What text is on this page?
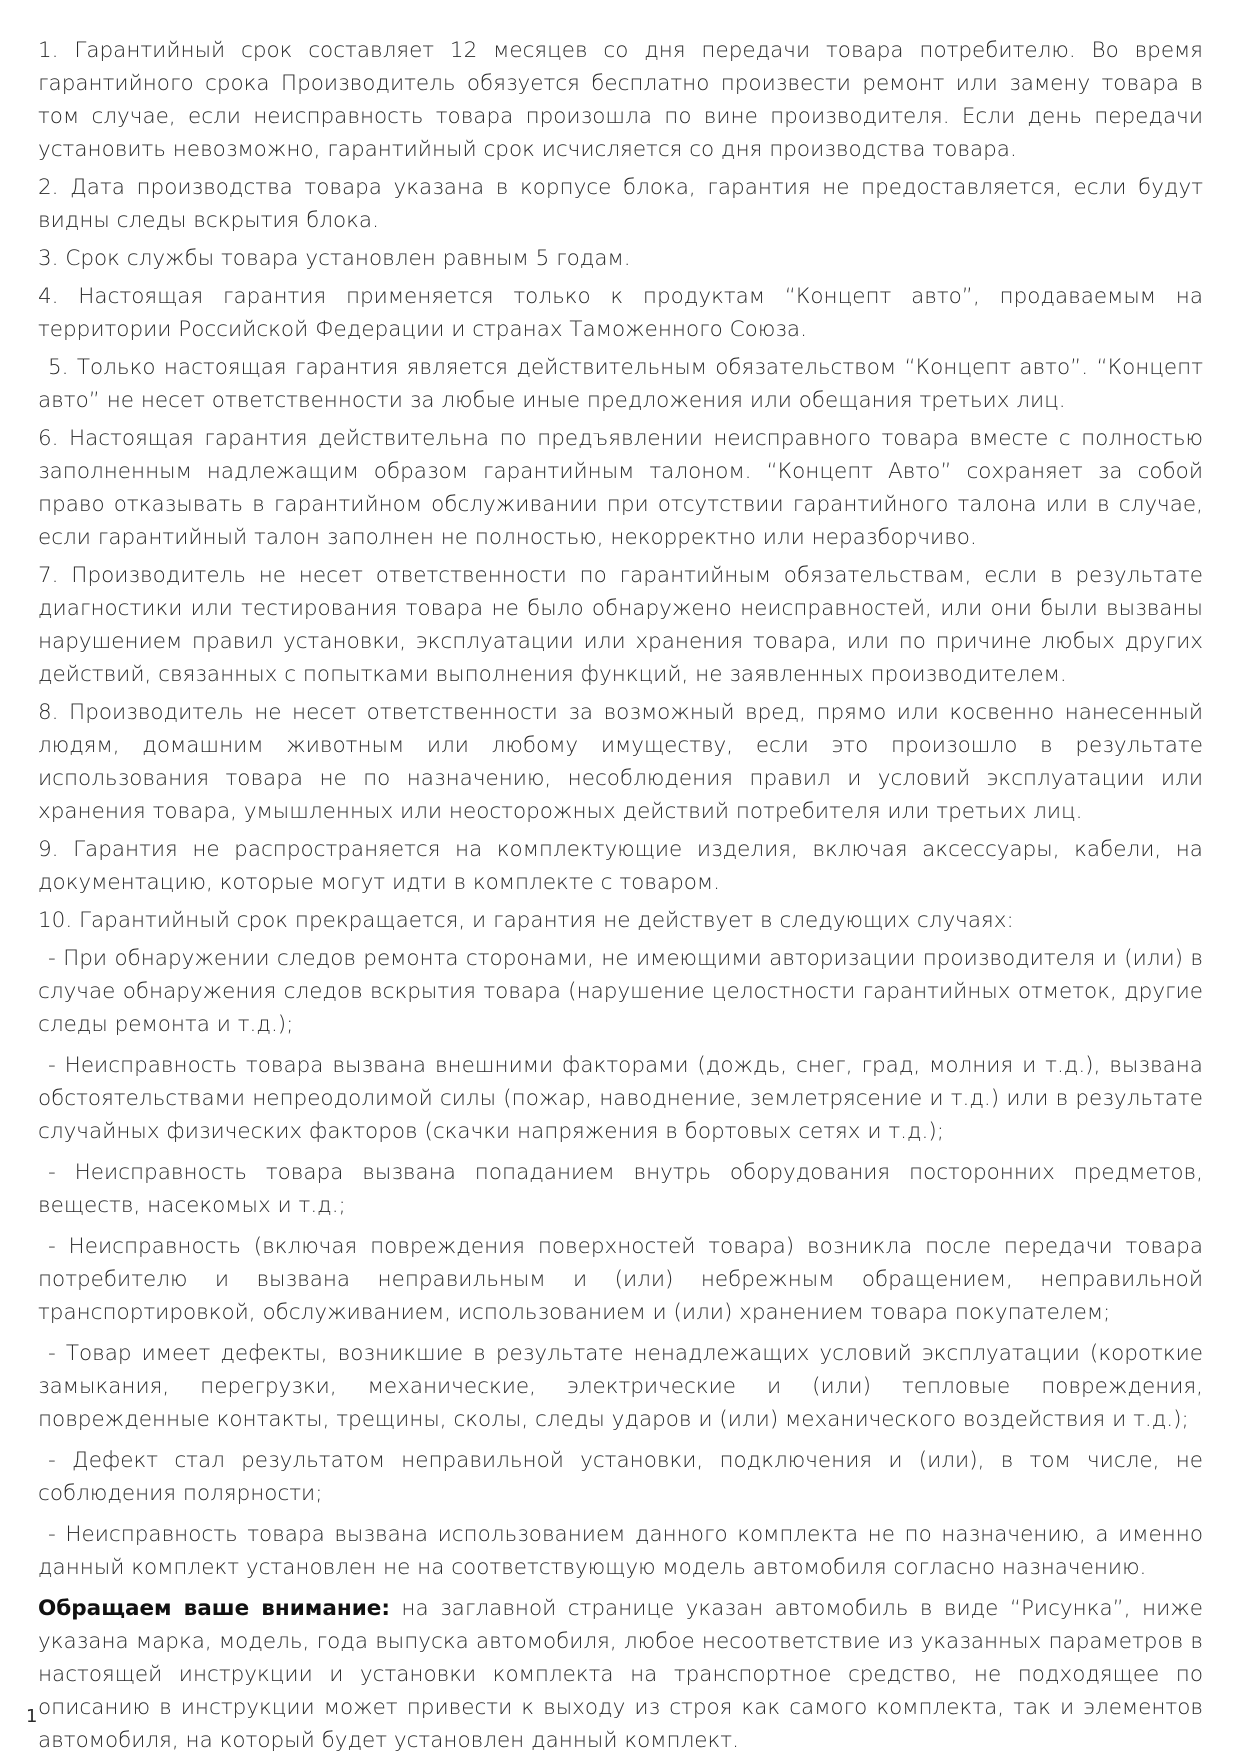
1. Гарантийный срок составляет 12 месяцев со дня передачи товара потребителю. Во время гарантийного срока Производитель обязуется бесплатно произвести ремонт или замену товара в том случае, если неисправность товара произошла по вине производителя. Если день передачи установить невозможно, гарантийный срок исчисляется со дня производства товара.

2. Дата производства товара указана в корпусе блока, гарантия не предоставляется, если будут видны следы вскрытия блока.

3. Срок службы товара установлен равным 5 годам.

4. Настоящая гарантия применяется только к продуктам “Концепт авто”, продаваемым на территории Российской Федерации и странах Таможенного Союза.

5. Только настоящая гарантия является действительным обязательством “Концепт авто”. “Концепт авто” не несет ответственности за любые иные предложения или обещания третьих лиц.

6. Настоящая гарантия действительна по предъявлении неисправного товара вместе с полностью заполненным надлежащим образом гарантийным талоном. “Концепт Авто” сохраняет за собой право отказывать в гарантийном обслуживании при отсутствии гарантийного талона или в случае, если гарантийный талон заполнен не полностью, некорректно или неразборчиво.

7. Производитель не несет ответственности по гарантийным обязательствам, если в результате диагностики или тестирования товара не было обнаружено неисправностей, или они были вызваны нарушением правил установки, эксплуатации или хранения товара, или по причине любых других действий, связанных с попытками выполнения функций, не заявленных производителем.

8. Производитель не несет ответственности за возможный вред, прямо или косвенно нанесенный людям, домашним животным или любому имуществу, если это произошло в результате использования товара не по назначению, несоблюдения правил и условий эксплуатации или хранения товара, умышленных или неосторожных действий потребителя или третьих лиц.

9. Гарантия не распространяется на комплектующие изделия, включая аксессуары, кабели, на документацию, которые могут идти в комплекте с товаром.

10. Гарантийный срок прекращается, и гарантия не действует в следующих случаях:

- При обнаружении следов ремонта сторонами, не имеющими авторизации производителя и (или) в случае обнаружения следов вскрытия товара (нарушение целостности гарантийных отметок, другие следы ремонта и т.д.);

- Неисправность товара вызвана внешними факторами (дождь, снег, град, молния и т.д.), вызвана обстоятельствами непреодолимой силы (пожар, наводнение, землетрясение и т.д.) или в результате случайных физических факторов (скачки напряжения в бортовых сетях и т.д.);

- Неисправность товара вызвана попаданием внутрь оборудования посторонних предметов, веществ, насекомых и т.д.;

- Неисправность (включая повреждения поверхностей товара) возникла после передачи товара потребителю и вызвана неправильным и (или) небрежным обращением, неправильной транспортировкой, обслуживанием, использованием и (или) хранением товара покупателем;

- Товар имеет дефекты, возникшие в результате ненадлежащих условий эксплуатации (короткие замыкания, перегрузки, механические, электрические и (или) тепловые повреждения, поврежденные контакты, трещины, сколы, следы ударов и (или) механического воздействия и т.д.);

- Дефект стал результатом неправильной установки, подключения и (или), в том числе, не соблюдения полярности;

- Неисправность товара вызвана использованием данного комплекта не по назначению, а именно данный комплект установлен не на соответствующую модель автомобиля согласно назначению.

Обращаем ваше внимание: на заглавной странице указан автомобиль в виде “Рисунка”, ниже указана марка, модель, года выпуска автомобиля, любое несоответствие из указанных параметров в настоящей инструкции и установки комплекта на транспортное средство, не подходящее по описанию в инструкции может привести к выходу из строя как самого комплекта, так и элементов автомобиля, на который будет установлен данный комплект.

1
